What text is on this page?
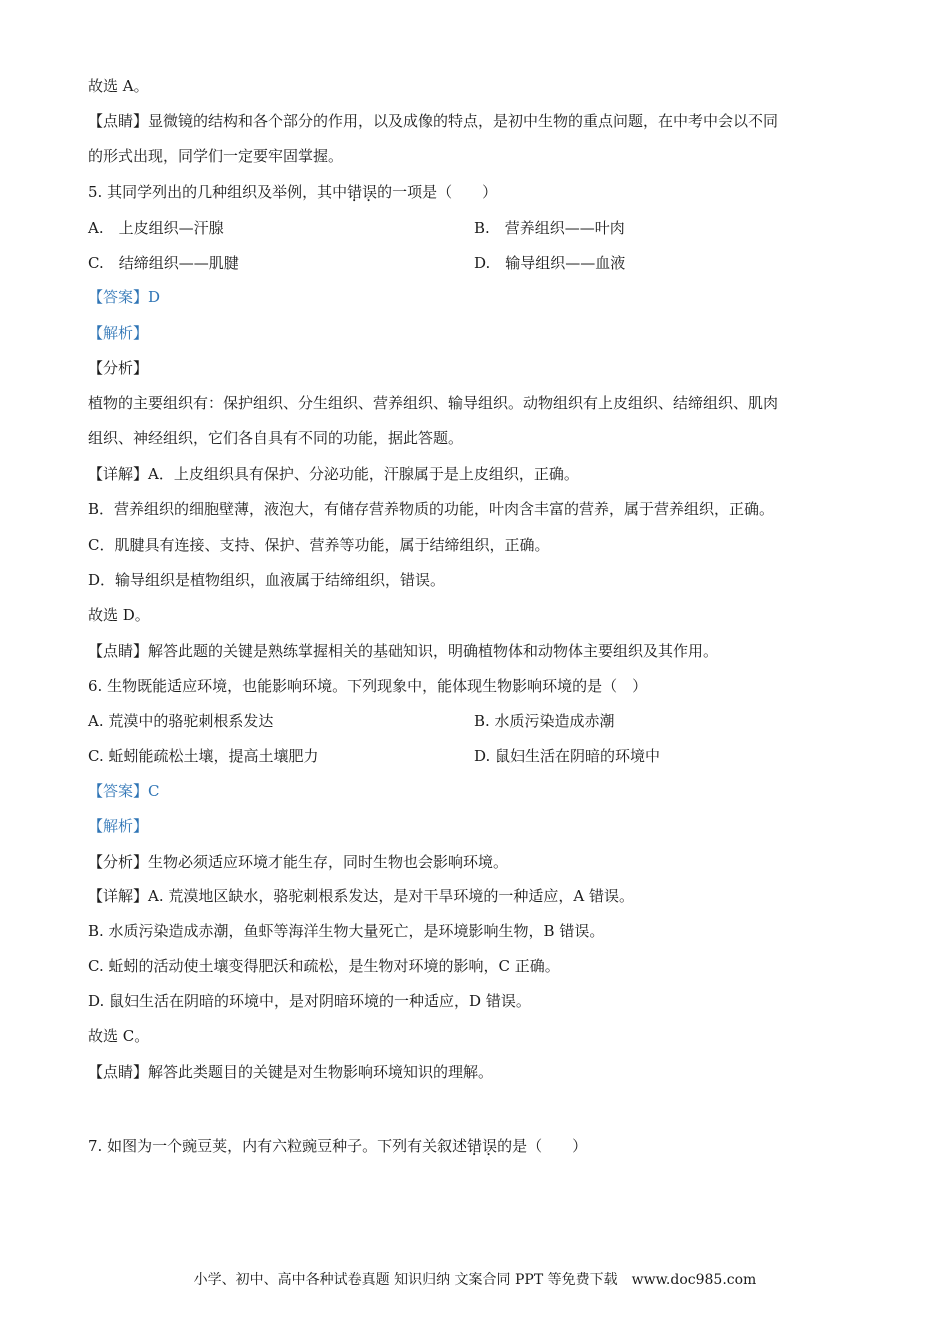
故选 A。
【点睛】显微镜的结构和各个部分的作用，以及成像的特点，是初中生物的重点问题，在中考中会以不同
的形式出现，同学们一定要牢固掌握。
5. 其同学列出的几种组织及举例，其中错误 • •的一项是（　　）
A.　上皮组织—汗腺	B.　营养组织——叶肉
C.　结缔组织——肌腱	D.　输导组织——血液
【答案】D
【解析】
【分析】
植物的主要组织有：保护组织、分生组织、营养组织、输导组织。动物组织有上皮组织、结缔组织、肌肉
组织、神经组织，它们各自具有不同的功能，据此答题。
【详解】A．上皮组织具有保护、分泌功能，汗腺属于是上皮组织，正确。
B．营养组织的细胞壁薄，液泡大，有储存营养物质的功能，叶肉含丰富的营养，属于营养组织，正确。
C．肌腱具有连接、支持、保护、营养等功能，属于结缔组织，正确。
D．输导组织是植物组织，血液属于结缔组织，错误。
故选 D。
【点睛】解答此题的关键是熟练掌握相关的基础知识，明确植物体和动物体主要组织及其作用。
6. 生物既能适应环境，也能影响环境。下列现象中，能体现生物影响环境的是（　）
A. 荒漠中的骆驼刺根系发达	B. 水质污染造成赤潮
C. 蚯蚓能疏松土壤，提高土壤肥力	D. 鼠妇生活在阴暗的环境中
【答案】C
【解析】
【分析】生物必须适应环境才能生存，同时生物也会影响环境。
【详解】A. 荒漠地区缺水，骆驼刺根系发达，是对干旱环境的一种适应，A 错误。
B. 水质污染造成赤潮，鱼虾等海洋生物大量死亡，是环境影响生物，B 错误。
C. 蚯蚓的活动使土壤变得肥沃和疏松，是生物对环境的影响，C 正确。
D. 鼠妇生活在阴暗的环境中，是对阴暗环境的一种适应，D 错误。
故选 C。
【点睛】解答此类题目的关键是对生物影响环境知识的理解。
7. 如图为一个豌豆荚，内有六粒豌豆种子。下列有关叙述错误 • •的是（　　）
小学、初中、高中各种试卷真题 知识归纳 文案合同 PPT 等免费下载　www.doc985.com
